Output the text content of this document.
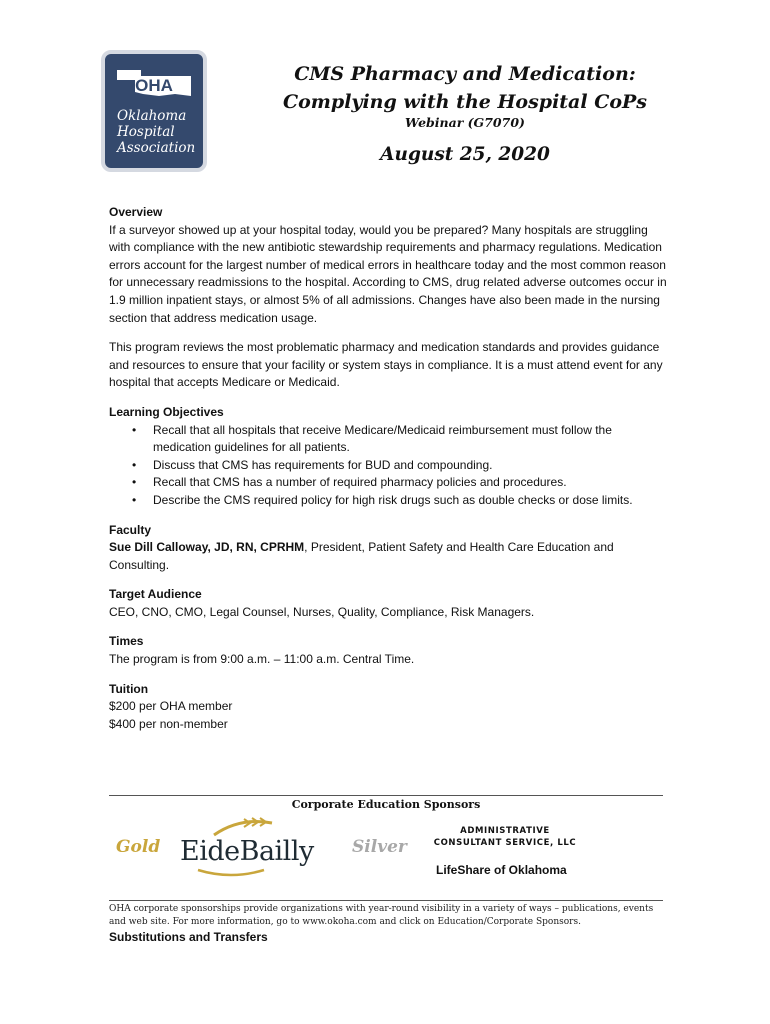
OHA
Oklahoma
Hospital
Association
CMS Pharmacy and Medication:
Complying with the Hospital CoPs
Webinar (G7070)
August 25, 2020

Overview

If a surveyor showed up at your hospital today, would you be prepared? Many hospitals are struggling with compliance with the new antibiotic stewardship requirements and pharmacy regulations. Medication errors account for the largest number of medical errors in healthcare today and the most common reason for unnecessary readmissions to the hospital. According to CMS, drug related adverse outcomes occur in 1.9 million inpatient stays, or almost 5% of all admissions. Changes have also been made in the nursing section that address medication usage.

This program reviews the most problematic pharmacy and medication standards and provides guidance and resources to ensure that your facility or system stays in compliance. It is a must attend event for any hospital that accepts Medicare or Medicaid.

Learning Objectives

• Recall that all hospitals that receive Medicare/Medicaid reimbursement must follow the medication guidelines for all patients.
• Discuss that CMS has requirements for BUD and compounding.
• Recall that CMS has a number of required pharmacy policies and procedures.
• Describe the CMS required policy for high risk drugs such as double checks or dose limits.

Faculty

Sue Dill Calloway, JD, RN, CPRHM, President, Patient Safety and Health Care Education and Consulting.

Target Audience

CEO, CNO, CMO, Legal Counsel, Nurses, Quality, Compliance, Risk Managers.

Times

The program is from 9:00 a.m. – 11:00 a.m. Central Time.

Tuition

$200 per OHA member

$400 per non-member

Corporate Education Sponsors
Gold EideBailly Silver
ADMINISTRATIVE
CONSULTANT SERVICE, LLC
LifeShare of Oklahoma
OHA corporate sponsorships provide organizations with year-round visibility in a variety of ways – publications, events and web site. For more information, go to www.okoha.com and click on Education/Corporate Sponsors.
Substitutions and Transfers
